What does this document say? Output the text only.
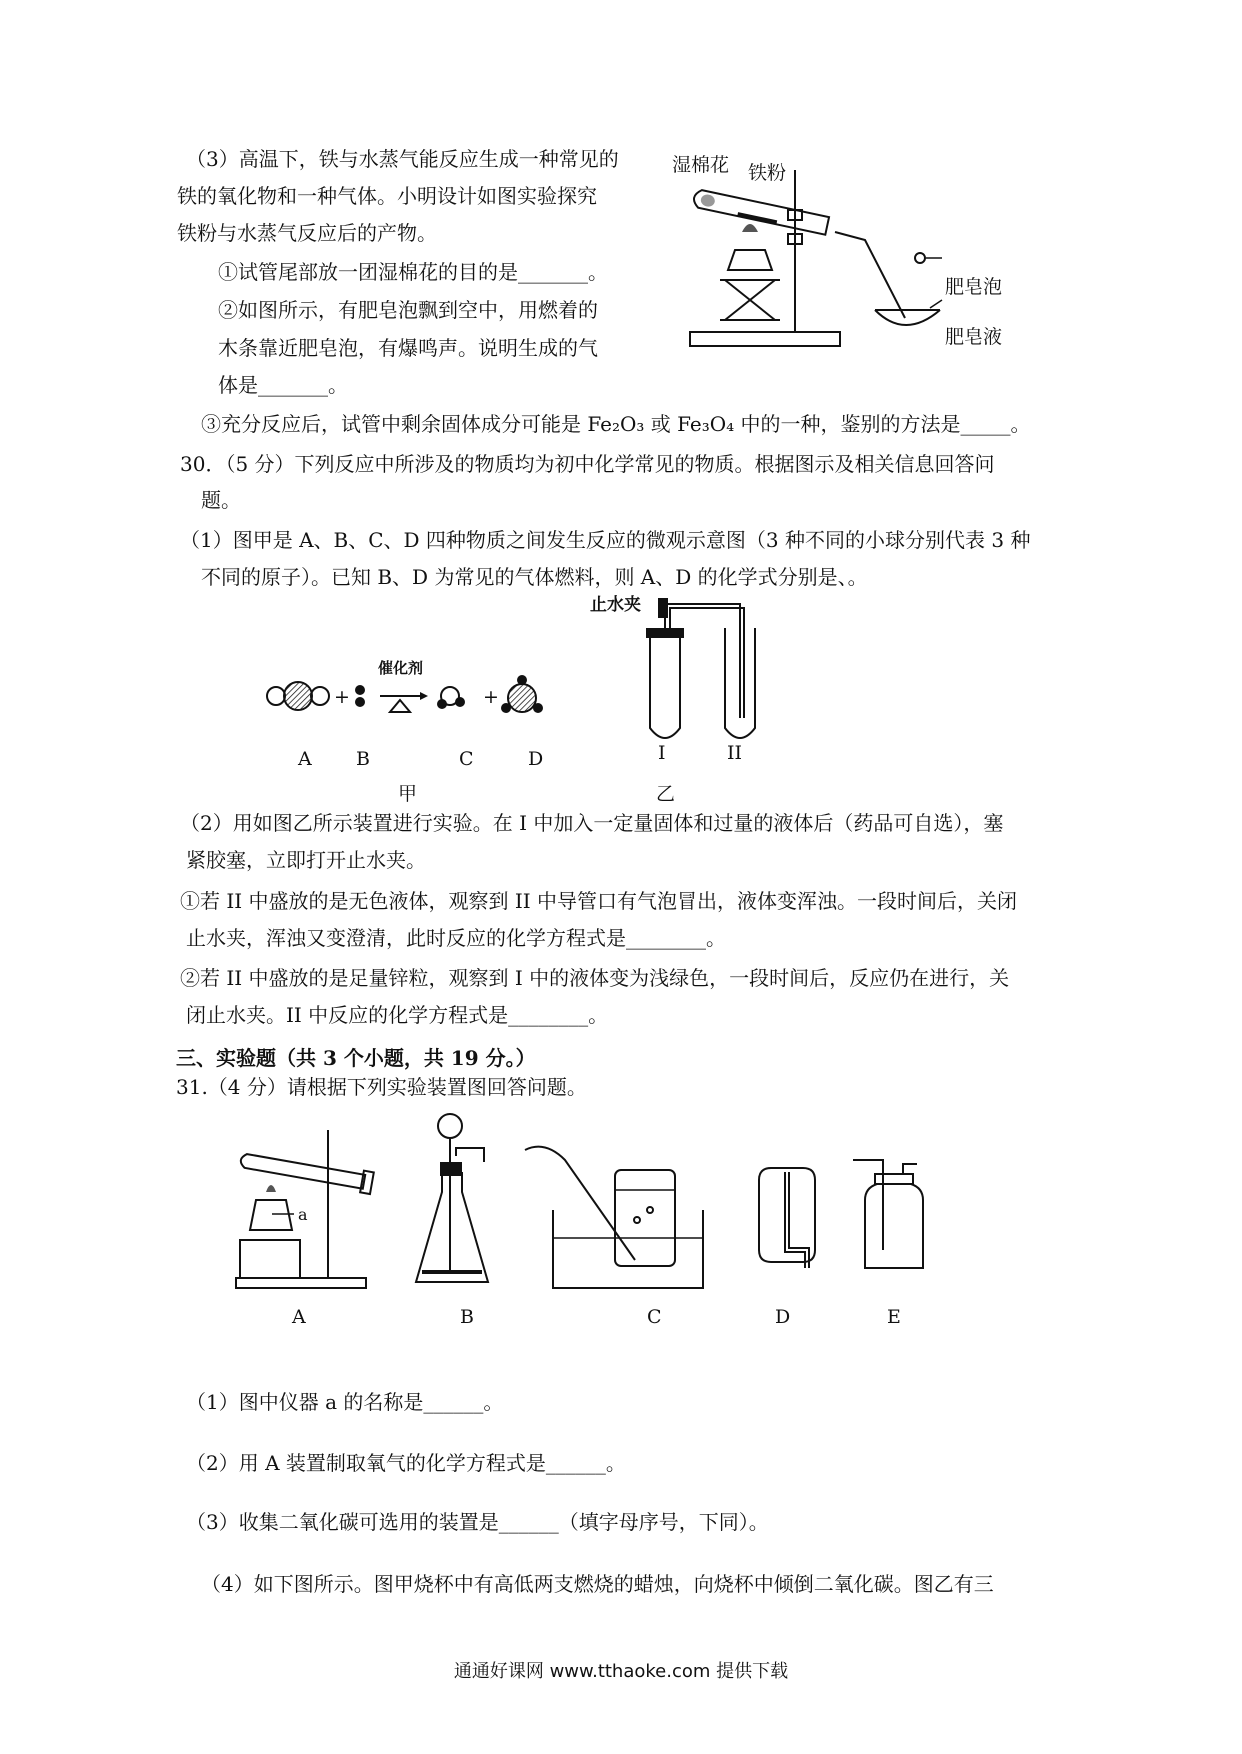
（3）高温下，铁与水蒸气能反应生成一种常见的
铁的氧化物和一种气体。小明设计如图实验探究
铁粉与水蒸气反应后的产物。
①试管尾部放一团湿棉花的目的是_______。
②如图所示，有肥皂泡飘到空中，用燃着的
木条靠近肥皂泡，有爆鸣声。说明生成的气
体是_______。
③充分反应后，试管中剩余固体成分可能是 Fe₂O₃ 或 Fe₃O₄ 中的一种，鉴别的方法是_____。
湿棉花 铁粉
肥皂泡
肥皂液
30．（5 分）下列反应中所涉及的物质均为初中化学常见的物质。根据图示及相关信息回答问
题。
（1）图甲是 A、B、C、D 四种物质之间发生反应的微观示意图（3 种不同的小球分别代表 3 种
不同的原子）。已知 B、D 为常见的气体燃料，则 A、D 的化学式分别是、。
+	+
催化剂
A B	C	D
甲
止水夹
I	II
乙
（2）用如图乙所示装置进行实验。在 I 中加入一定量固体和过量的液体后（药品可自选），塞
紧胶塞，立即打开止水夹。
①若 II 中盛放的是无色液体，观察到 II 中导管口有气泡冒出，液体变浑浊。一段时间后，关闭
止水夹，浑浊又变澄清，此时反应的化学方程式是________。
②若 II 中盛放的是足量锌粒，观察到 I 中的液体变为浅绿色，一段时间后，反应仍在进行，关
闭止水夹。II 中反应的化学方程式是________。
三、实验题（共 3 个小题，共 19 分。）
31.（4 分）请根据下列实验装置图回答问题。
a
A	B	C	D	E
（1）图中仪器 a 的名称是______。
（2）用 A 装置制取氧气的化学方程式是______。
（3）收集二氧化碳可选用的装置是______（填字母序号，下同）。
（4）如下图所示。图甲烧杯中有高低两支燃烧的蜡烛，向烧杯中倾倒二氧化碳。图乙有三
通通好课网 www.tthaoke.com 提供下载
